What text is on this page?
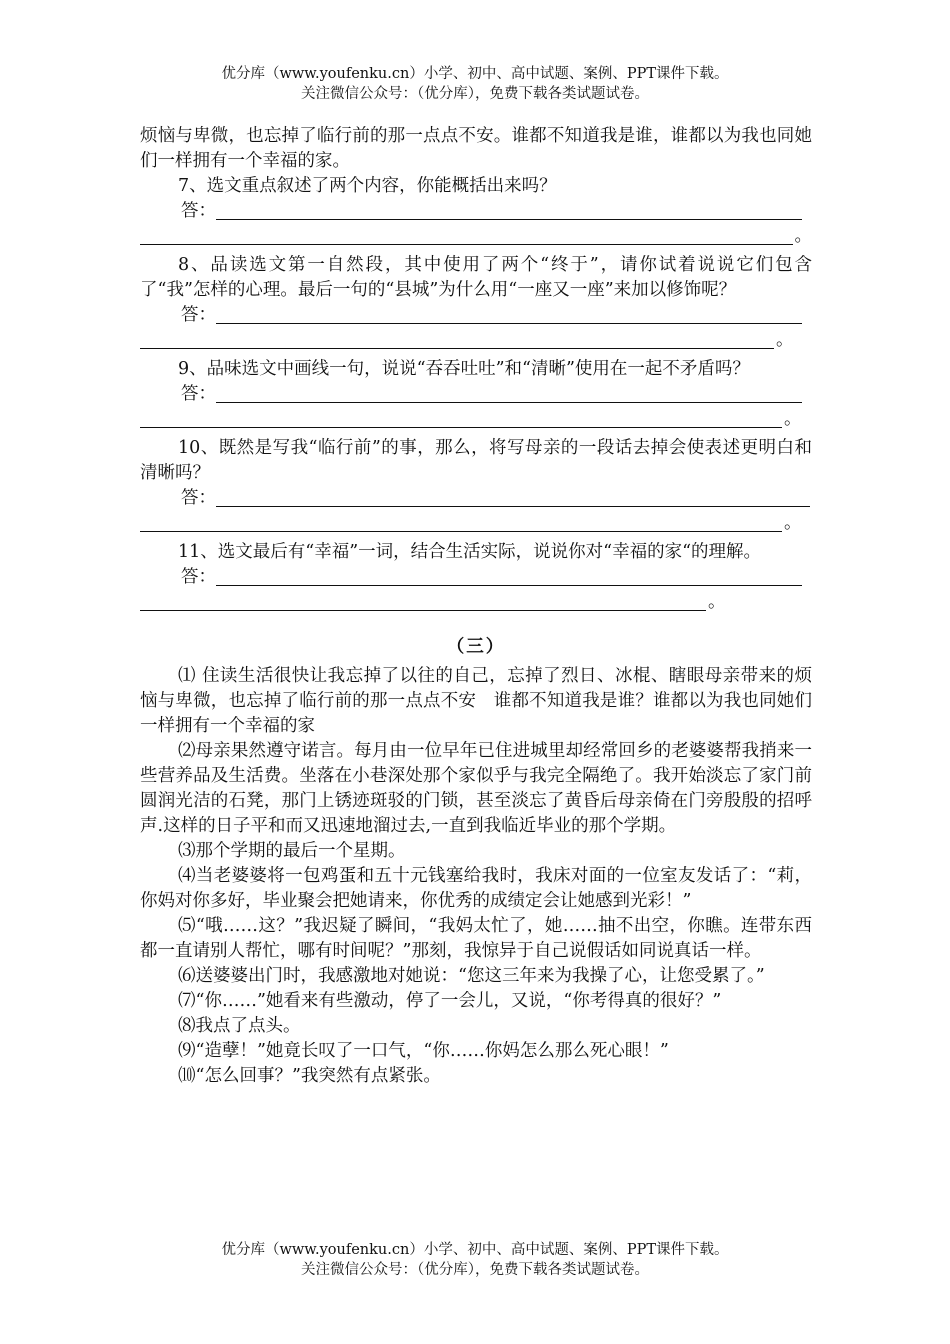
优分库（www.youfenku.cn）小学、初中、高中试题、案例、PPT课件下载。
关注微信公众号：（优分库），免费下载各类试题试卷。

烦恼与卑微，也忘掉了临行前的那一点点不安。谁都不知道我是谁，谁都以为我也同她们一样拥有一个幸福的家。

7、选文重点叙述了两个内容，你能概括出来吗？

答：
。

8、品读选文第一自然段，其中使用了两个“终于”，请你试着说说它们包含了“我”怎样的心理。最后一句的“县城”为什么用“一座又一座”来加以修饰呢？

答：
。

9、品味选文中画线一句，说说“吞吞吐吐”和“清晰”使用在一起不矛盾吗？

答：
。

10、既然是写我“临行前”的事，那么，将写母亲的一段话去掉会使表述更明白和清晰吗？

答：
。

11、选文最后有“幸福”一词，结合生活实际，说说你对“幸福的家“的理解。

答：
。
（三）

⑴ 住读生活很快让我忘掉了以往的自己，忘掉了烈日、冰棍、瞎眼母亲带来的烦恼与卑微，也忘掉了临行前的那一点点不安　谁都不知道我是谁？谁都以为我也同她们一样拥有一个幸福的家

⑵母亲果然遵守诺言。每月由一位早年已住进城里却经常回乡的老婆婆帮我捎来一些营养品及生活费。坐落在小巷深处那个家似乎与我完全隔绝了。我开始淡忘了家门前圆润光洁的石凳，那门上锈迹斑驳的门锁，甚至淡忘了黄昏后母亲倚在门旁殷殷的招呼声.这样的日子平和而又迅速地溜过去,一直到我临近毕业的那个学期。

⑶那个学期的最后一个星期。

⑷当老婆婆将一包鸡蛋和五十元钱塞给我时，我床对面的一位室友发话了：“莉，你妈对你多好，毕业聚会把她请来，你优秀的成绩定会让她感到光彩！”

⑸“哦……这？”我迟疑了瞬间，“我妈太忙了，她……抽不出空，你瞧。连带东西都一直请别人帮忙，哪有时间呢？”那刻，我惊异于自己说假话如同说真话一样。

⑹送婆婆出门时，我感激地对她说：“您这三年来为我操了心，让您受累了。”

⑺“你……”她看来有些激动，停了一会儿，又说，“你考得真的很好？”

⑻我点了点头。

⑼“造孽！”她竟长叹了一口气，“你……你妈怎么那么死心眼！”

⑽“怎么回事？”我突然有点紧张。

优分库（www.youfenku.cn）小学、初中、高中试题、案例、PPT课件下载。
关注微信公众号：（优分库），免费下载各类试题试卷。
